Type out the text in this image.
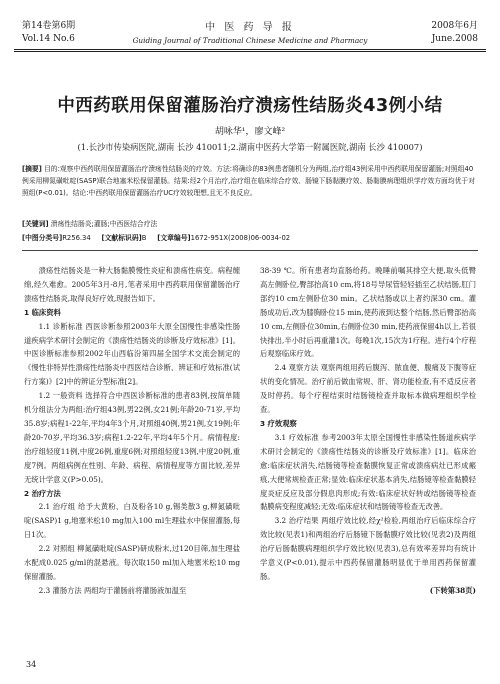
第14卷第6期
Vol.14 No.6
中 医 药 导 报
Guiding Journal of Traditional Chinese Medicine and Pharmacy
2008年6月
June.2008
中西药联用保留灌肠治疗溃疡性结肠炎43例小结
胡咏华¹，廖文峰²
(1.长沙市传染病医院,湖南 长沙 410011;2.湖南中医药大学第一附属医院,湖南 长沙 410007)
[摘要] 目的:观察中西药联用保留灌肠治疗溃疡性结肠炎的疗效。方法:将确诊的83例患者随机分为两组,治疗组43例采用中西药联用保留灌肠;对照组40例采用柳氮磺吡啶(SASP)联合地塞米松保留灌肠。结果:经2个月治疗,治疗组在临床综合疗效、肠镜下肠黏膜疗效、肠黏膜病理组织学疗效方面均优于对照组(P<0.01)。结论:中西药联用保留灌肠治疗UC疗效较理想,且无不良反应。
[关键词] 溃疡性结肠炎;灌肠;中西医结合疗法
[中图分类号]R256.34 [文献标识码]B [文章编号]1672-951X(2008)06-0034-02

溃疡性结肠炎是一种大肠黏膜慢性炎症和溃疡性病变。病程缠绵,经久难愈。2005年3月-8月,笔者采用中西药联用保留灌肠治疗溃疡性结肠炎,取得良好疗效,现报告如下。

1 临床资料

1.1 诊断标准 西医诊断参照2003年大原全国慢性非感染性肠道疾病学术研讨会制定的《溃疡性结肠炎的诊断及疗效标准》[1]。中医诊断标准参照2002年山西临汾第四届全国学术交流会制定的《慢性非特异性溃疡性结肠炎中西医结合诊断、辨证和疗效标准(试行方案)》[2]中的辨证分型标准[2]。

1.2 一般资料 选择符合中西医诊断标准的患者83例,按简单随机分组法分为两组:治疗组43例,男22例,女21例;年龄20-71岁,平均35.8岁;病程1-22年,平均4年3个月,对照组40例,男21例,女19例;年龄20-70岁,平均36.3岁;病程1.2-22年,平均4年5个月。病情程度:治疗组轻度11例,中度26例,重度6例;对照组轻度13例,中度20例,重度7例。两组病例在性别、年龄、病程、病情程度等方面比较,差异无统计学意义(P>0.05)。

2 治疗方法

2.1 治疗组 给予大黄粉、白及粉各10 g,锡类散3 g,柳氮磺吡啶(SASP)1 g,地塞米松10 mg加入100 ml生理盐水中保留灌肠,每日1次。

2.2 对照组 柳氮磺吡啶(SASP)研成粉末,过120目筛,加生理盐水配成0.025 g/ml的混悬液。每次取150 ml加入地塞米松10 mg保留灌肠。

2.3 灌肠方法 两组均于灌肠前将灌肠液加温至

38-39 ℃。所有患者均直肠给药。晚睡前嘱其排空大便,取头低臀高左侧卧位,臀部抬高10 cm,将18号导尿管轻轻插至乙状结肠,肛门部约10 cm左侧卧位30 min。乙状结肠或以上者约深30 cm。灌肠成功后,改为膝胸卧位15 min,使药液到达整个结肠,然后臀部抬高10 cm,左侧卧位30min,右侧卧位30 min,使药液保留4h以上,若很快排出,半小时后再重灌1次。每晚1次,15次为1疗程。进行4个疗程后观察临床疗效。

2.4 观察方法 观察两组用药后腹泻、脓血便、腹痛及下腹等症状的变化情况。治疗前后做血常规、肝、肾功能检查,有不适反应者及时停药。每个疗程结束时结肠镜检查并取标本做病理组织学检查。

3 疗效观察

3.1 疗效标准 参考2003年太原全国慢性非感染性肠道疾病学术研讨会制定的《溃疡性结肠炎的诊断及疗效标准》[1]。临床治愈:临床症状消失,结肠镜等检查黏膜恢复正常或溃疡病灶已形成瘢痕,大便常规检查正常;显效:临床症状基本消失,结肠镜等检查黏膜轻度炎症反应及部分假息肉形成;有效:临床症状好转或结肠镜等检查黏膜病变程度减轻;无效:临床症状和结肠镜等检查无改善。

3.2 治疗结果 两组疗效比较,经χ²检验,两组治疗后临床综合疗效比较(见表1)和两组治疗后肠镜下肠黏膜疗效比较(见表2)及两组治疗后肠黏膜病理组织学疗效比较(见表3),总有效率差异均有统计学意义(P<0.01),提示中西药保留灌肠明显优于单用西药保留灌肠。

(下转第38页)

34
